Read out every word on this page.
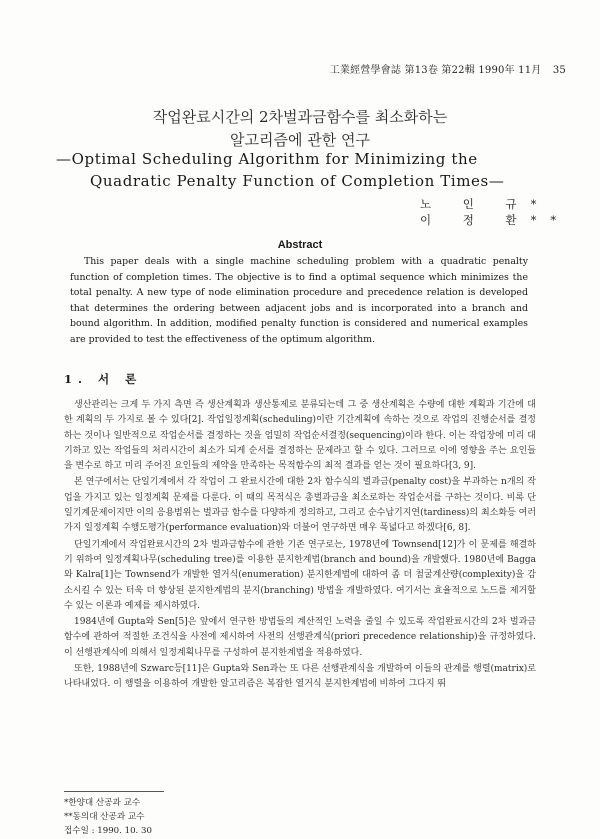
工業經營學會誌 第13卷 第22輯 1990年 11月 35
작업완료시간의 2차벌과금함수를 최소화하는
알고리즘에 관한 연구
—Optimal Scheduling Algorithm for Minimizing the
Quadratic Penalty Function of Completion Times—
노 인 규*
이 정 환**
Abstract

This paper deals with a single machine scheduling problem with a quadratic penalty function of completion times. The objective is to find a optimal sequence which minimizes the total penalty. A new type of node elimination procedure and precedence relation is developed that determines the ordering between adjacent jobs and is incorporated into a branch and bound algorithm. In addition, modified penalty function is considered and numerical examples are provided to test the effectiveness of the optimum algorithm.

1. 서 론

생산관리는 크게 두 가지 측면 즉 생산계획과 생산통제로 분류되는데 그 중 생산계획은 수량에 대한 계획과 기간에 대한 계획의 두 가지로 볼 수 있다[2]. 작업일정계획(scheduling)이란 기간계획에 속하는 것으로 작업의 진행순서를 결정하는 것이나 일반적으로 작업순서를 결정하는 것을 엄밀히 작업순서결정(sequencing)이라 한다. 이는 작업장에 미리 대기하고 있는 작업들의 처리시간이 최소가 되게 순서를 결정하는 문제라고 할 수 있다. 그러므로 이에 영향을 주는 요인들을 변수로 하고 미리 주어진 요인들의 제약을 만족하는 목적함수의 최적 결과를 얻는 것이 필요하다[3, 9].

본 연구에서는 단일기계에서 각 작업이 그 완료시간에 대한 2차 함수식의 벌과금(penalty cost)을 부과하는 n개의 작업을 가지고 있는 일정계획 문제를 다룬다. 이 때의 목적식은 총벌과금을 최소로하는 작업순서를 구하는 것이다. 비록 단일기계문제이지만 이의 응용범위는 벌과금 함수를 다양하게 정의하고, 그리고 순수납기지연(tardiness)의 최소화등 여러가지 일정계획 수행도평가(performance evaluation)와 더불어 연구하면 매우 폭넓다고 하겠다[6, 8].

단일기계에서 작업완료시간의 2차 벌과금함수에 관한 기존 연구로는, 1978년에 Townsend[12]가 이 문제를 해결하기 위하여 일정계획나무(scheduling tree)를 이용한 분지한계법(branch and bound)을 개발했다. 1980년에 Bagga와 Kalra[1]는 Townsend가 개발한 열거식(enumeration) 분지한계법에 대하여 좀 더 첨굴계산량(complexity)을 감소시킬 수 있는 터욱 더 향상된 분지한계법의 분지(branching) 방법을 개발하였다. 여기서는 효율적으로 노드를 제거할 수 있는 이론과 예제를 제시하였다.

1984년에 Gupta와 Sen[5]은 앞에서 연구한 방법들의 계산적인 노력을 줄일 수 있도록 작업완료시간의 2차 벌과금함수에 관하여 적절한 조건식을 사전에 제시하여 사전의 선행관계식(priori precedence relationship)을 규정하였다. 이 선행관계식에 의해서 일정계획나무를 구성하여 분지한계법을 적용하였다.

또한, 1988년에 Szwarc등[11]은 Gupta와 Sen과는 또 다른 선행관계식을 개발하여 이들의 관계를 행렬(matrix)로 나타내었다. 이 행렬을 이용하여 개발한 알고리즘은 복잡한 열거식 분지한계법에 비하여 그다지 뛰

*한양대 산공과 교수
**동의대 산공과 교수
접수일 : 1990. 10. 30
